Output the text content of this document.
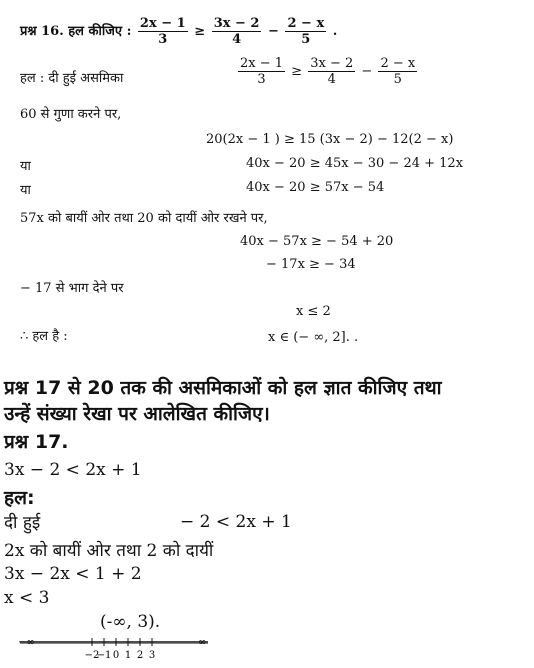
प्रश्न 16. हल कीजिए : $\frac{2x - 1}{3} \ge \frac{3x - 2}{4} - \frac{2 - x}{5}$ .
हल : दी हुई असमिका	$\frac{2x - 1}{3} \ge \frac{3x - 2}{4} - \frac{2 - x}{5}$
60 से गुणा करने पर,
20(2x − 1 ) ≥ 15 (3x − 2) − 12(2 − x)
या	40x − 20 ≥ 45x − 30 − 24 + 12x
या	40x − 20 ≥ 57x − 54
57x को बायीं ओर तथा 20 को दायीं ओर रखने पर,
40x − 57x ≥ − 54 + 20
− 17x ≥ − 34
− 17 से भाग देने पर
x ≤ 2
∴ हल है :	x ∈ (− ∞, 2]. .
प्रश्न 17 से 20 तक की असमिकाओं को हल ज्ञात कीजिए तथा
उन्हें संख्या रेखा पर आलेखित कीजिए।
प्रश्न 17.
3x − 2 < 2x + 1
हल:
दी हुई	− 2 < 2x + 1
2x को बायीं ओर तथा 2 को दायीं
3x − 2x < 1 + 2
x < 3
(-∞, 3).
−∞	∞
−2
−1 0 1 2 3
